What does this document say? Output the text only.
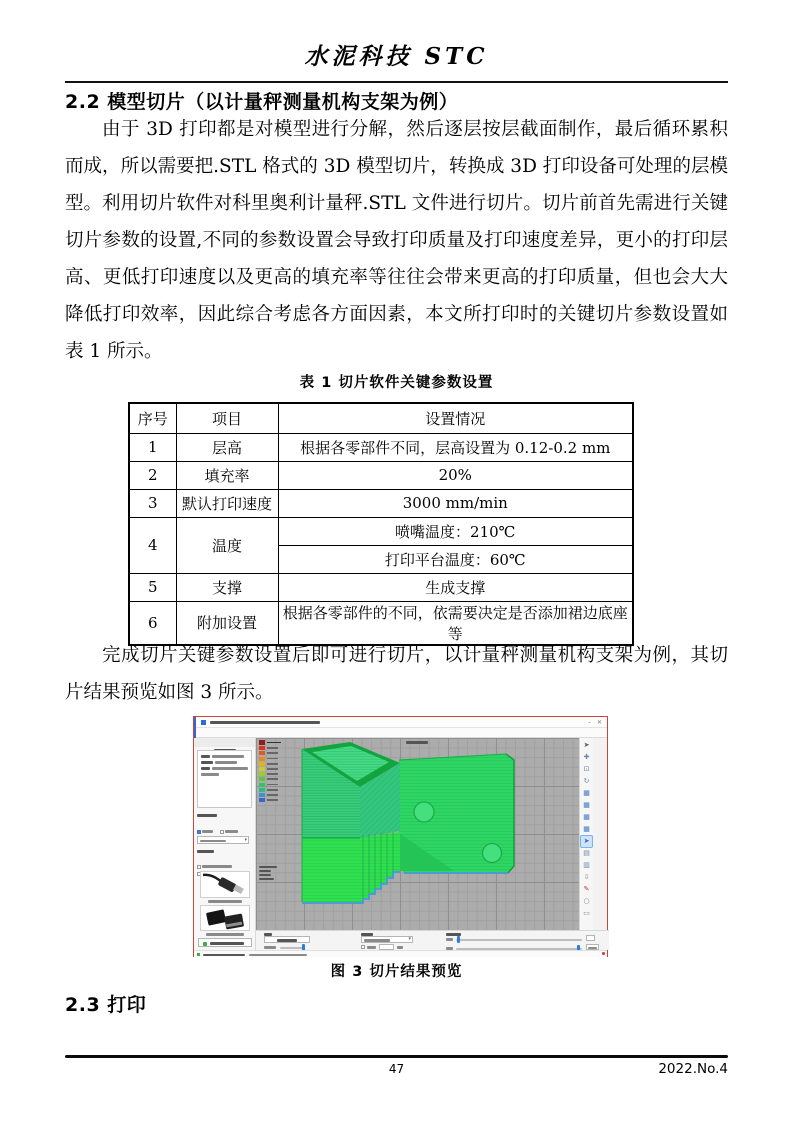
水泥科技 STC
2.2 模型切片（以计量秤测量机构支架为例）

由于 3D 打印都是对模型进行分解，然后逐层按层截面制作，最后循环累积而成，所以需要把.STL 格式的 3D 模型切片，转换成 3D 打印设备可处理的层模型。 利用切片软件对科里奥利计量秤.STL 文件进行切片。切片前首先需进行关键切片参数的设置,不同的参数设置会导致打印质量及打印速度差异，更小的打印层高、更低打印速度以及更高的填充率等往往会带来更高的打印质量，但也会大大降低打印效率，因此综合考虑各方面因素，本文所打印时的关键切片参数设置如表 1 所示。

表 1 切片软件关键参数设置
序号	项目	设置情况
1	层高	根据各零部件不同，层高设置为 0.12-0.2 mm
2	填充率	20%
3	默认打印速度	3000 mm/min
4	温度	喷嘴温度：210℃
		打印平台温度：60℃
5	支撑	生成支撑
6	附加设置	根据各零部件的不同，依需要决定是否添加裙边底座等

完成切片关键参数设置后即可进行切片，以计量秤测量机构支架为例，其切片结果预览如图 3 所示。

– ✕

▾

➤
✚
⊡
↻
▦
▦
▦
▦
➤
▤
▥
⇩
✎
○
▭
▾
图 3 切片结果预览
2.3 打印
47	2022.No.4
